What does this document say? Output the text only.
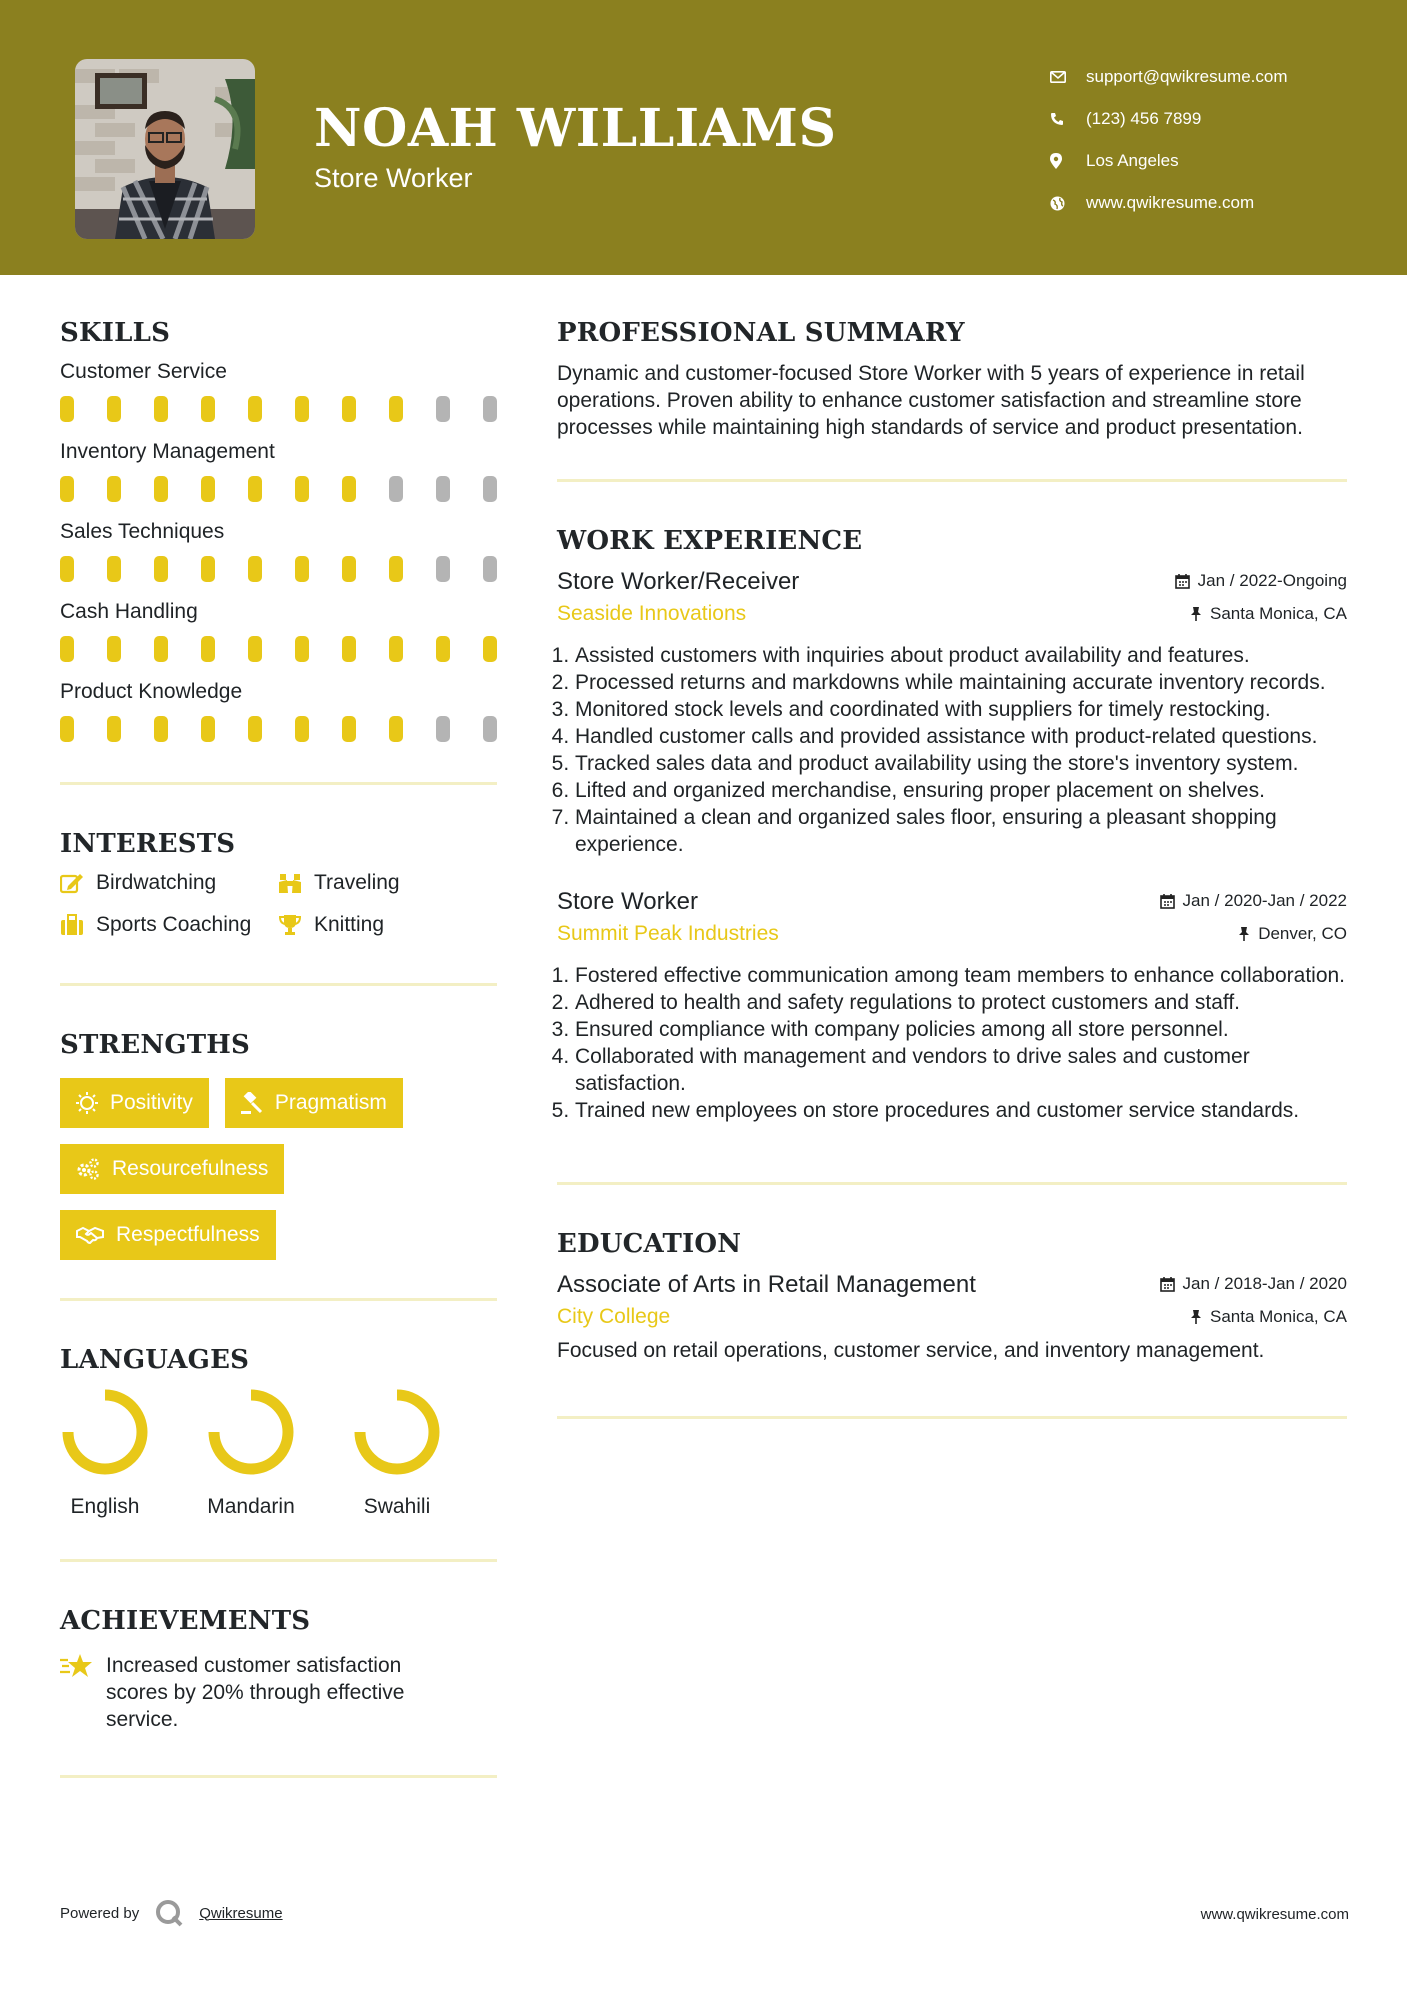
NOAH WILLIAMS
Store Worker
support@qwikresume.com
(123) 456 7899
Los Angeles
www.qwikresume.com
SKILLS
Customer Service
Inventory Management
Sales Techniques
Cash Handling
Product Knowledge
INTERESTS
Birdwatching	Traveling
Sports Coaching	Knitting
STRENGTHS
Positivity	Pragmatism
Resourcefulness
Respectfulness
LANGUAGES
English	Mandarin	Swahili
ACHIEVEMENTS
Increased customer satisfaction scores by 20% through effective service.
PROFESSIONAL SUMMARY
Dynamic and customer-focused Store Worker with 5 years of experience in retail operations. Proven ability to enhance customer satisfaction and streamline store processes while maintaining high standards of service and product presentation.
WORK EXPERIENCE
Store Worker/Receiver	Jan / 2022-Ongoing
Seaside Innovations	Santa Monica, CA
1. Assisted customers with inquiries about product availability and features.
2. Processed returns and markdowns while maintaining accurate inventory records.
3. Monitored stock levels and coordinated with suppliers for timely restocking.
4. Handled customer calls and provided assistance with product-related questions.
5. Tracked sales data and product availability using the store's inventory system.
6. Lifted and organized merchandise, ensuring proper placement on shelves.
7. Maintained a clean and organized sales floor, ensuring a pleasant shopping experience.
Store Worker	Jan / 2020-Jan / 2022
Summit Peak Industries	Denver, CO
1. Fostered effective communication among team members to enhance collaboration.
2. Adhered to health and safety regulations to protect customers and staff.
3. Ensured compliance with company policies among all store personnel.
4. Collaborated with management and vendors to drive sales and customer satisfaction.
5. Trained new employees on store procedures and customer service standards.
EDUCATION
Associate of Arts in Retail Management	Jan / 2018-Jan / 2020
City College	Santa Monica, CA
Focused on retail operations, customer service, and inventory management.
Powered by	Qwikresume	www.qwikresume.com
